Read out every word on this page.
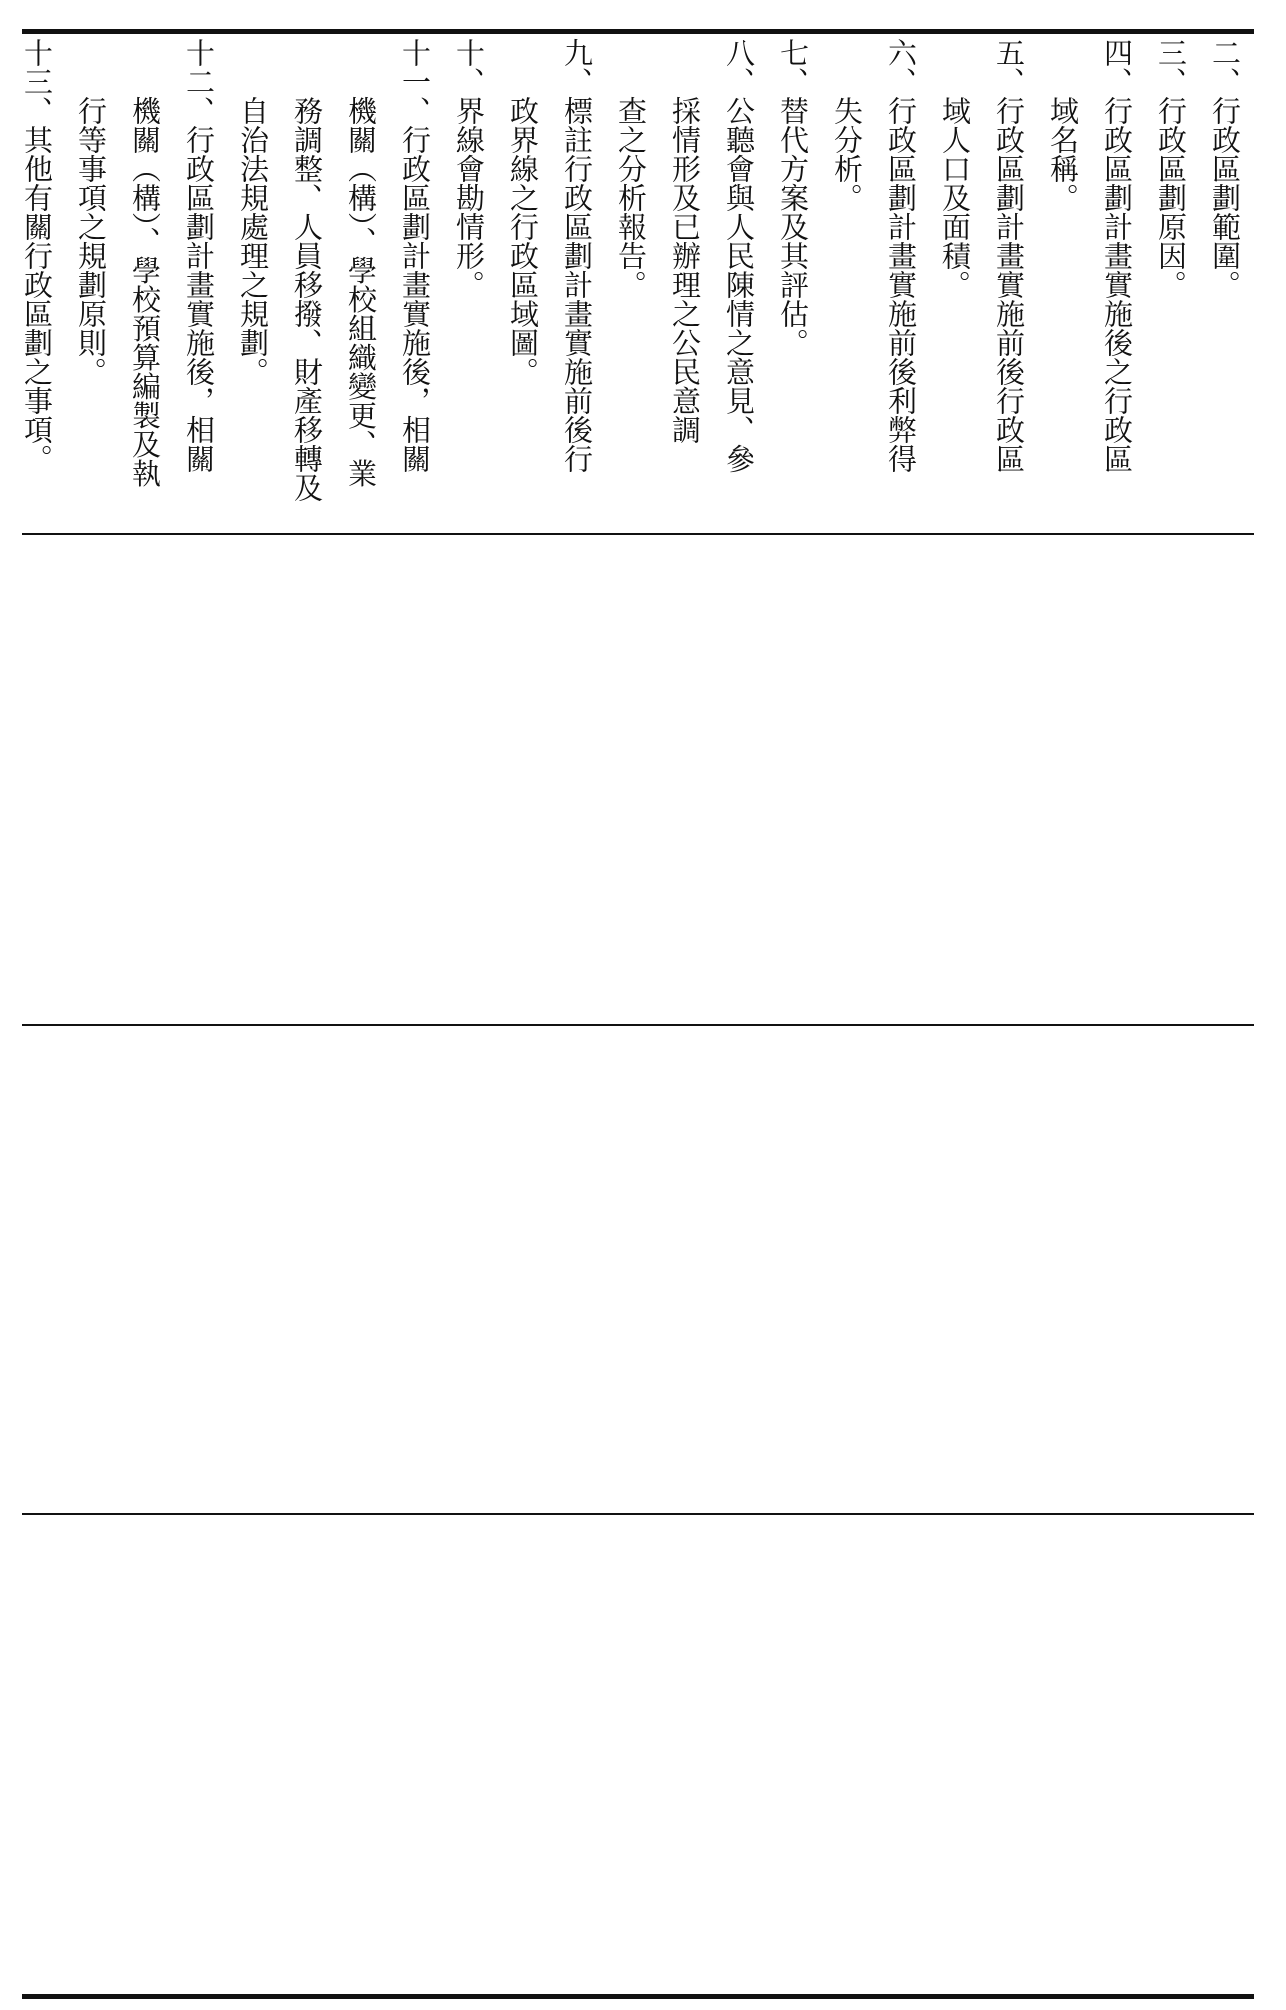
二、行政區劃範圍。
三、行政區劃原因。
四、行政區劃計畫實施後之行政區
域名稱。
五、行政區劃計畫實施前後行政區
域人口及面積。
六、行政區劃計畫實施前後利弊得
失分析。
七、替代方案及其評估。
八、公聽會與人民陳情之意見、參
採情形及已辦理之公民意調
查之分析報告。
九、標註行政區劃計畫實施前後行
政界線之行政區域圖。
十、界線會勘情形。
十一、行政區劃計畫實施後，相關
機關（構）、學校組織變更、業
務調整、人員移撥、財產移轉及
自治法規處理之規劃。
十二、行政區劃計畫實施後，相關
機關（構）、學校預算編製及執
行等事項之規劃原則。
十三、其他有關行政區劃之事項。
